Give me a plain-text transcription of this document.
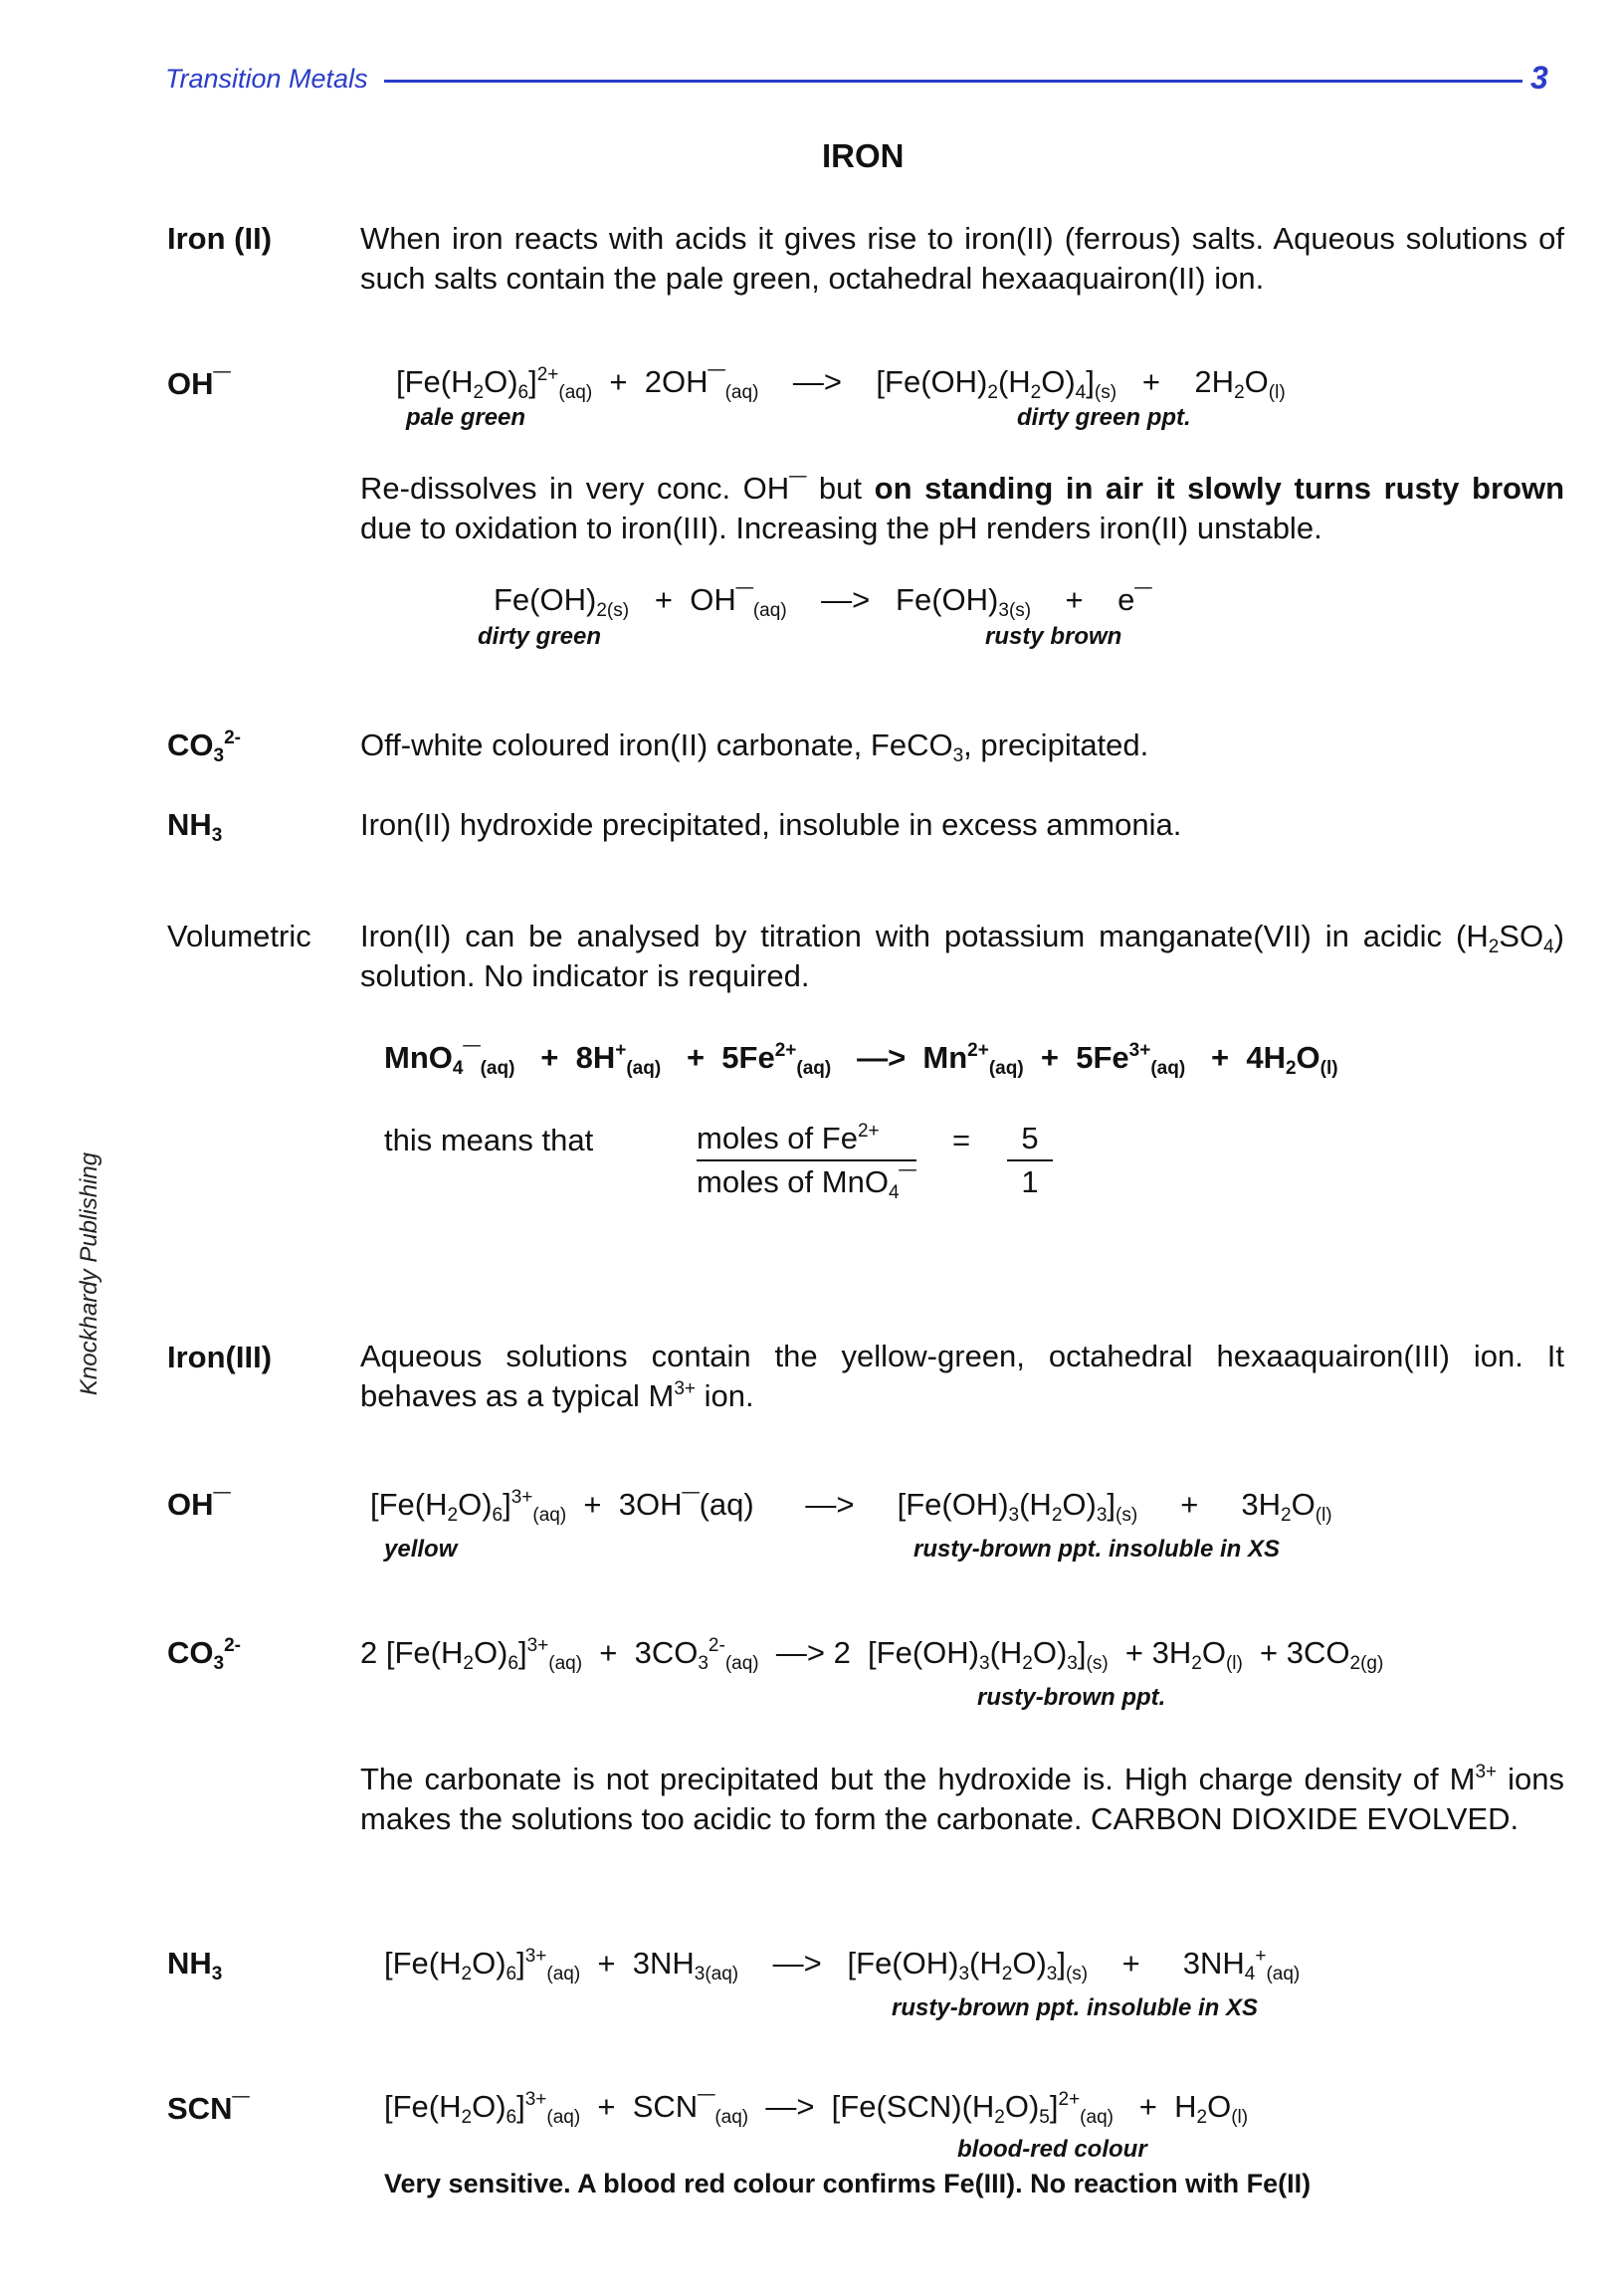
Transition Metals	3
Knockhardy Publishing
IRON
Iron (II)	When iron reacts with acids it gives rise to iron(II) (ferrous) salts. Aqueous solutions of such salts contain the pale green, octahedral hexaaquairon(II) ion.
OH¯	$[Fe(H_2O)_6]^{2+}_{(aq)}$  +  $2OH¯_{(aq)}$    —>    $[Fe(OH)_2(H_2O)_4]_{(s)}$   +    $2H_2O_{(l)}$
pale green	dirty green ppt.
Re-dissolves in very conc. OH¯ but on standing in air it slowly turns rusty brown due to oxidation to iron(III). Increasing the pH renders iron(II) unstable.
$Fe(OH)_{2(s)}$   +  $OH¯_{(aq)}$    —>   $Fe(OH)_{3(s)}$    +    e¯
dirty green	rusty brown
$CO_3^{2-}$	Off-white coloured iron(II) carbonate, FeCO$_3$, precipitated.
$NH_3$	Iron(II) hydroxide precipitated, insoluble in excess ammonia.
Volumetric Iron(II) can be analysed by titration with potassium manganate(VII) in acidic $(H_2SO_4)$ solution. No indicator is required.
$MnO_4¯_{(aq)} + 8H^+_{(aq)} + 5Fe^{2+}_{(aq)}$   —>  $Mn^{2+}_{(aq)} + 5Fe^{3+}_{(aq)} + 4H_2O_{(l)}$
this means that	$\frac{moles of Fe^{2+}}{moles of MnO_4¯} = \frac{5}{1}$
Iron(III)	Aqueous solutions contain the yellow-green, octahedral hexaaquairon(III) ion. It behaves as a typical $M^{3+}$ ion.
OH¯	$[Fe(H_2O)_6]^{3+}_{(aq)}$  +  3OH¯(aq)      —>     $[Fe(OH)_3(H_2O)_3]_{(s)}$     +     $3H_2O_{(l)}$
yellow	rusty-brown ppt. insoluble in XS
$CO_3^{2-}$	2 $[Fe(H_2O)_6]^{3+}_{(aq)} + 3CO_3^{2-}_{(aq)}$  —> 2  $[Fe(OH)_3(H_2O)_3]_{(s)} + 3H_2O_{(l)} + 3CO_{2(g)}$
rusty-brown ppt.
The carbonate is not precipitated but the hydroxide is. High charge density of $M^{3+}$ ions makes the solutions too acidic to form the carbonate. CARBON DIOXIDE EVOLVED.
$NH_3$	$[Fe(H_2O)_6]^{3+}_{(aq)} + 3NH_{3(aq)}$    —>   $[Fe(OH)_3(H_2O)_3]_{(s)}$    +     $3NH_4^+_{(aq)}$
rusty-brown ppt. insoluble in XS
SCN¯	$[Fe(H_2O)_6]^{3+}_{(aq)}$  +  $SCN¯_{(aq)}$  —>  $[Fe(SCN)(H_2O)_5]^{2+}_{(aq)} + H_2O_{(l)}$
blood-red colour
Very sensitive. A blood red colour confirms Fe(III). No reaction with Fe(II)
